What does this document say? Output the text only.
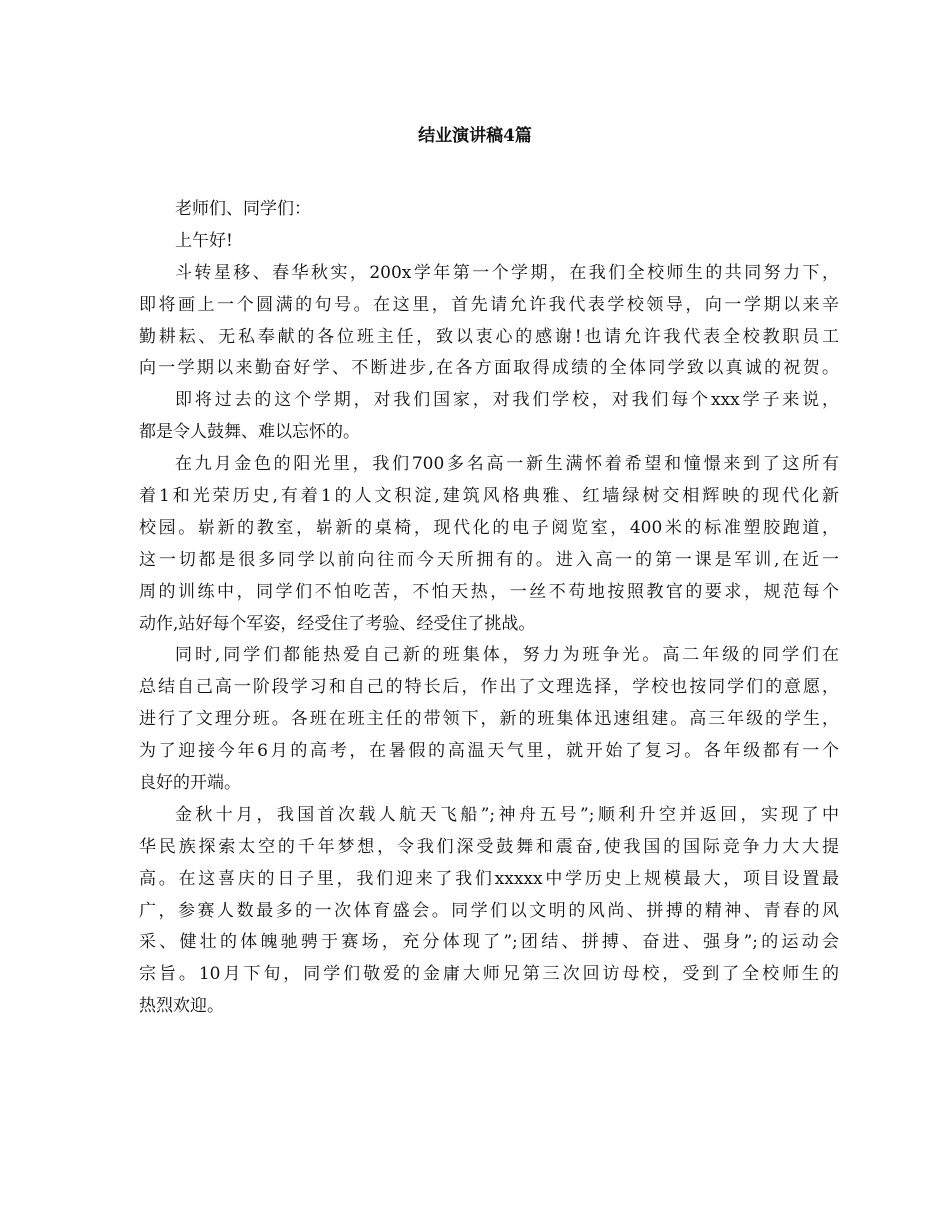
结业演讲稿4篇
老师们、同学们：
上午好!
斗转星移、春华秋实，200x学年第一个学期，在我们全校师生的共同努力下，
即将画上一个圆满的句号。在这里，首先请允许我代表学校领导，向一学期以来辛
勤耕耘、无私奉献的各位班主任，致以衷心的感谢!也请允许我代表全校教职员工
向一学期以来勤奋好学、不断进步,在各方面取得成绩的全体同学致以真诚的祝贺。
即将过去的这个学期，对我们国家，对我们学校，对我们每个xxx学子来说，
都是令人鼓舞、难以忘怀的。
在九月金色的阳光里，我们700多名高一新生满怀着希望和憧憬来到了这所有
着1和光荣历史,有着1的人文积淀,建筑风格典雅、红墙绿树交相辉映的现代化新
校园。崭新的教室，崭新的桌椅，现代化的电子阅览室，400米的标准塑胶跑道，
这一切都是很多同学以前向往而今天所拥有的。进入高一的第一课是军训,在近一
周的训练中，同学们不怕吃苦，不怕天热，一丝不苟地按照教官的要求，规范每个
动作,站好每个军姿，经受住了考验、经受住了挑战。
同时,同学们都能热爱自己新的班集体，努力为班争光。高二年级的同学们在
总结自己高一阶段学习和自己的特长后，作出了文理选择，学校也按同学们的意愿，
进行了文理分班。各班在班主任的带领下，新的班集体迅速组建。高三年级的学生，
为了迎接今年6月的高考，在暑假的高温天气里，就开始了复习。各年级都有一个
良好的开端。
金秋十月，我国首次载人航天飞船”;神舟五号”;顺利升空并返回，实现了中
华民族探索太空的千年梦想，令我们深受鼓舞和震奋,使我国的国际竞争力大大提
高。在这喜庆的日子里，我们迎来了我们xxxxx中学历史上规模最大，项目设置最
广，参赛人数最多的一次体育盛会。同学们以文明的风尚、拼搏的精神、青春的风
采、健壮的体魄驰骋于赛场，充分体现了”;团结、拼搏、奋进、强身”;的运动会
宗旨。10月下旬，同学们敬爱的金庸大师兄第三次回访母校，受到了全校师生的
热烈欢迎。
